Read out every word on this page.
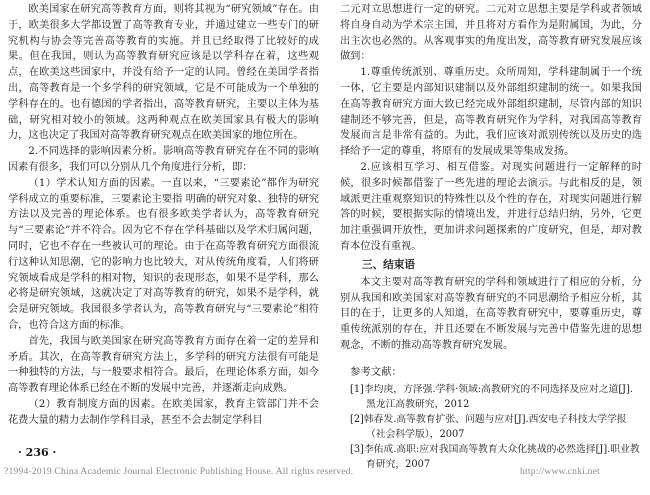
欧美国家在研究高等教育方面，则将其视为“研究领域”存在。由于，欧美很多大学都设置了高等教育专业，并通过建立一些专门的研究机构与协会等完善高等教育的实施。并且已经取得了比较好的成果。但在我国，则认为高等教育研究应该是以学科存在着，这些观点，在欧美这些国家中，并没有给予一定的认同。曾经在美国学者指出，高等教育是一个多学科的研究领域，它是不可能成为一个单独的学科存在的。也有德国的学者指出，高等教育研究，主要以主体为基础，研究相对较小的领域。这两种观点在欧美国家具有极大的影响力，这也决定了我国对高等教育研究观点在欧美国家的地位所在。

2.不同选择的影响因素分析。影响高等教育研究存在不同的影响因素有很多，我们可以分别从几个角度进行分析，即：

（1）学术认知方面的因素。一直以来，“三要素论”都作为研究学科成立的重要标准，三要素论主要指 明确的研究对象、独特的研究方法以及完善的理论体系。也有很多欧美学者认为，高等教育研究与“三要素论”并不符合。因为它不存在学科基础以及学术归属问题，同时，它也不存在一些被认可的理论。由于在高等教育研究方面很流行这种认知思潮，它的影响力也比较大，对从传统角度看，人们将研究领域看成是学科的相对物，知识的表现形态，如果不是学科，那么必将是研究领域，这就决定了对高等教育的研究，如果不是学科，就会是研究领域。我国很多学者认为，高等教育研究与“三要素论”相符合，也符合这方面的标准。

首先，我国与欧美国家在研究高等教育方面存在着一定的差异和矛盾。其次，在高等教育研究方法上，多学科的研究方法很有可能是一种独特的方法，与一般要求相符合。最后，在理论体系方面，如今高等教育理论体系已经在不断的发展中完善，并逐渐走向成熟。

（2）教育制度方面的因素。在欧美国家，教育主管部门并不会花费大量的精力去制作学科目录，甚至不会去制定学科目

二元对立思想进行一定的研究。二元对立思想主要是学科或者领域将自身自动为学术宗主国，并且将对方看作为是附属国，为此，分出主次也必然的。从客观事实的角度出发，高等教育研究发展应该做到：

1.尊重传统派别、尊重历史。众所周知，学科建制属于一个统一体，它主要是内部知识建制以及外部组织建制的统一。如果我国在高等教育研究方面大致已经完成外部组织建制，尽管内部的知识建制还不够完善，但是，高等教育研究作为学科，对我国高等教育发展而言是非常有益的。为此，我们应该对派别传统以及历史的选择给予一定的尊重，将原有的发展成果等集成发扬。

2.应该相互学习、相互借鉴。对现实问题进行一定解释的时候，很多时候都借鉴了一些先进的理论去演示。与此相反的是，领域派更注重观察知识的特殊性以及个性的存在，对现实问题进行解答的时候，要根据实际的情境出发，并进行总结归纳，另外，它更加注重强调开放性，更加讲求问题探索的广度研究，但是，却对教育本位没有重视。

三、结束语

本文主要对高等教育研究的学科和领域进行了相应的分析，分别从我国和欧美国家对高等教育研究的不同思潮给予相应分析，其目的在于，让更多的人知道，在高等教育研究中，要尊重历史，尊重传统派别的存在，并且还要在不断发展与完善中借鉴先进的思想观念，不断的推动高等教育研究发展。

参考文献：

[1]李均庚，方泽强.学科·领域:高教研究的不同选择及应对之道[J].黑龙江高教研究，2012

[2]韩春发.高等教育扩张、问题与应对[J].西安电子科技大学学报（社会科学版），2007

[3]李佑成.高职:应对我国高等教育大众化挑战的必然选择[J].职业教育研究，2007

· 236 ·
?1994-2019 China Academic Journal Electronic Publishing House. All rights reserved.	http://www.cnki.net
